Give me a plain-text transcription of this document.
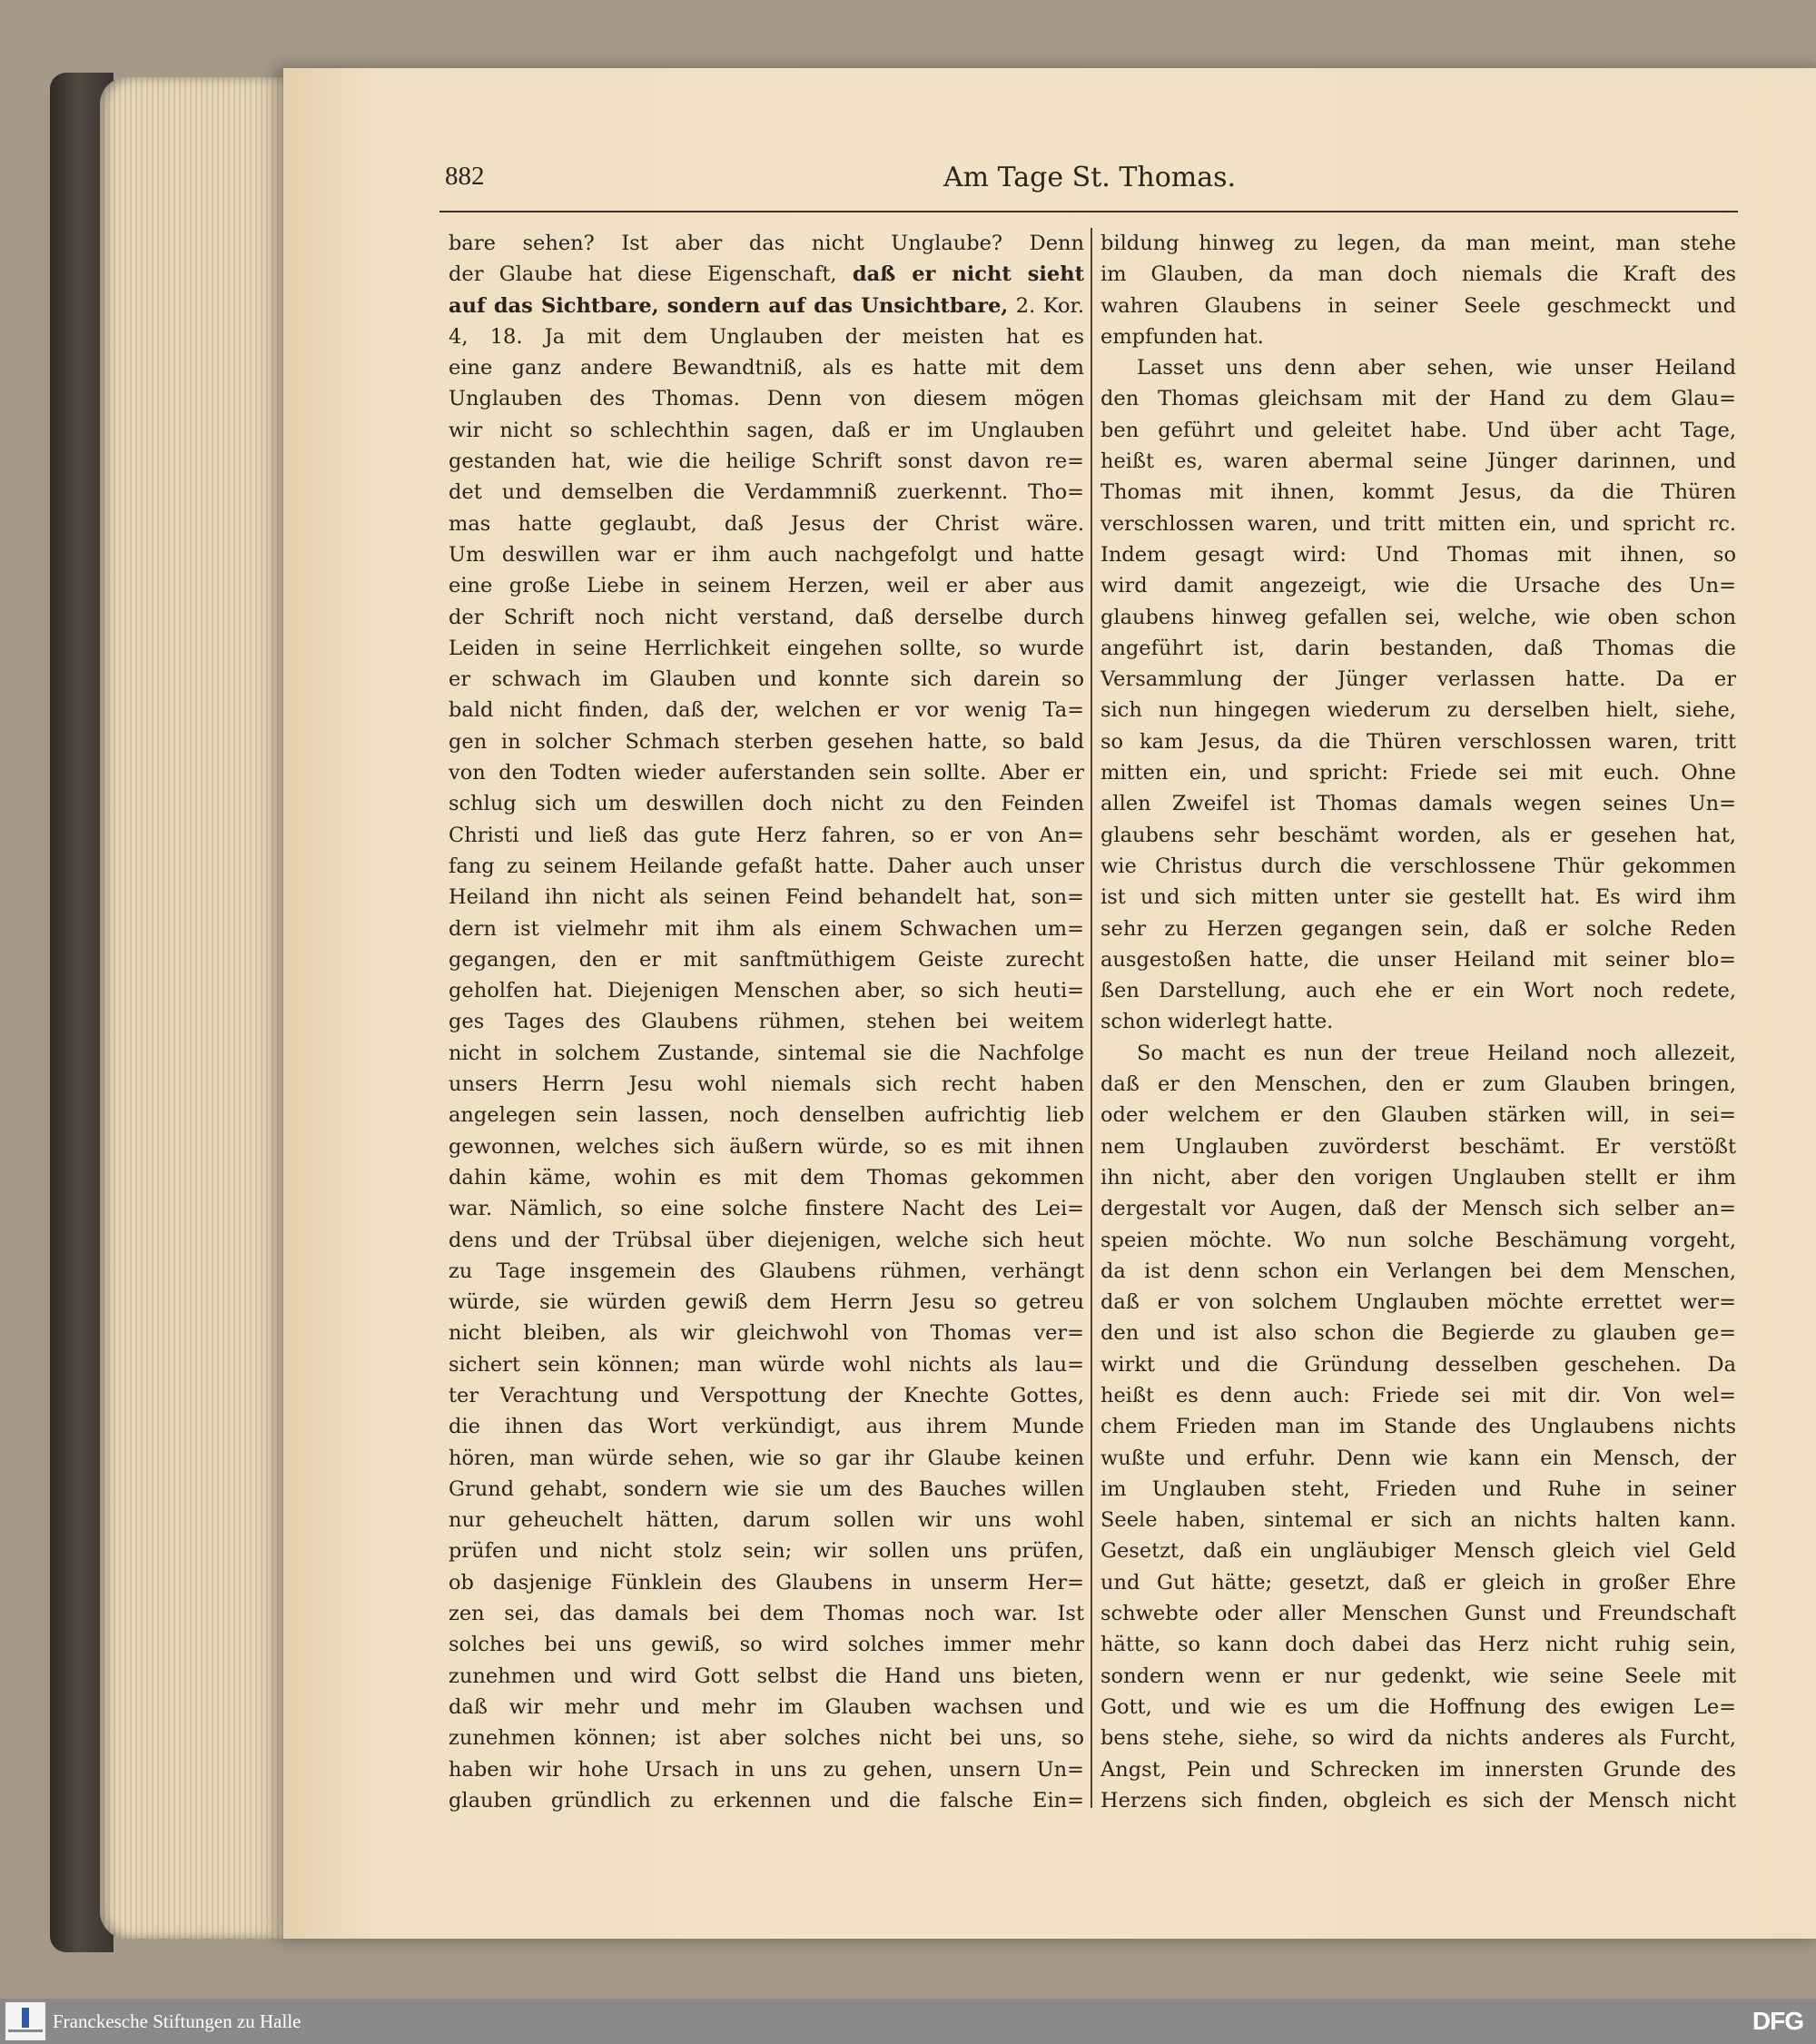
882	Am Tage St. Thomas.
bare sehen? Ist aber das nicht Unglaube? Denn
der Glaube hat diese Eigenschaft, daß er nicht sieht
auf das Sichtbare, sondern auf das Unsichtbare, 2. Kor.
4, 18. Ja mit dem Unglauben der meisten hat es
eine ganz andere Bewandtniß, als es hatte mit dem
Unglauben des Thomas. Denn von diesem mögen
wir nicht so schlechthin sagen, daß er im Unglauben
gestanden hat, wie die heilige Schrift sonst davon re=
det und demselben die Verdammniß zuerkennt. Tho=
mas hatte geglaubt, daß Jesus der Christ wäre.
Um deswillen war er ihm auch nachgefolgt und hatte
eine große Liebe in seinem Herzen, weil er aber aus
der Schrift noch nicht verstand, daß derselbe durch
Leiden in seine Herrlichkeit eingehen sollte, so wurde
er schwach im Glauben und konnte sich darein so
bald nicht finden, daß der, welchen er vor wenig Ta=
gen in solcher Schmach sterben gesehen hatte, so bald
von den Todten wieder auferstanden sein sollte. Aber er
schlug sich um deswillen doch nicht zu den Feinden
Christi und ließ das gute Herz fahren, so er von An=
fang zu seinem Heilande gefaßt hatte. Daher auch unser
Heiland ihn nicht als seinen Feind behandelt hat, son=
dern ist vielmehr mit ihm als einem Schwachen um=
gegangen, den er mit sanftmüthigem Geiste zurecht
geholfen hat. Diejenigen Menschen aber, so sich heuti=
ges Tages des Glaubens rühmen, stehen bei weitem
nicht in solchem Zustande, sintemal sie die Nachfolge
unsers Herrn Jesu wohl niemals sich recht haben
angelegen sein lassen, noch denselben aufrichtig lieb
gewonnen, welches sich äußern würde, so es mit ihnen
dahin käme, wohin es mit dem Thomas gekommen
war. Nämlich, so eine solche finstere Nacht des Lei=
dens und der Trübsal über diejenigen, welche sich heut
zu Tage insgemein des Glaubens rühmen, verhängt
würde, sie würden gewiß dem Herrn Jesu so getreu
nicht bleiben, als wir gleichwohl von Thomas ver=
sichert sein können; man würde wohl nichts als lau=
ter Verachtung und Verspottung der Knechte Gottes,
die ihnen das Wort verkündigt, aus ihrem Munde
hören, man würde sehen, wie so gar ihr Glaube keinen
Grund gehabt, sondern wie sie um des Bauches willen
nur geheuchelt hätten, darum sollen wir uns wohl
prüfen und nicht stolz sein; wir sollen uns prüfen,
ob dasjenige Fünklein des Glaubens in unserm Her=
zen sei, das damals bei dem Thomas noch war. Ist
solches bei uns gewiß, so wird solches immer mehr
zunehmen und wird Gott selbst die Hand uns bieten,
daß wir mehr und mehr im Glauben wachsen und
zunehmen können; ist aber solches nicht bei uns, so
haben wir hohe Ursach in uns zu gehen, unsern Un=
glauben gründlich zu erkennen und die falsche Ein=
bildung hinweg zu legen, da man meint, man stehe
im Glauben, da man doch niemals die Kraft des
wahren Glaubens in seiner Seele geschmeckt und
empfunden hat.
Lasset uns denn aber sehen, wie unser Heiland
den Thomas gleichsam mit der Hand zu dem Glau=
ben geführt und geleitet habe. Und über acht Tage,
heißt es, waren abermal seine Jünger darinnen, und
Thomas mit ihnen, kommt Jesus, da die Thüren
verschlossen waren, und tritt mitten ein, und spricht rc.
Indem gesagt wird: Und Thomas mit ihnen, so
wird damit angezeigt, wie die Ursache des Un=
glaubens hinweg gefallen sei, welche, wie oben schon
angeführt ist, darin bestanden, daß Thomas die
Versammlung der Jünger verlassen hatte. Da er
sich nun hingegen wiederum zu derselben hielt, siehe,
so kam Jesus, da die Thüren verschlossen waren, tritt
mitten ein, und spricht: Friede sei mit euch. Ohne
allen Zweifel ist Thomas damals wegen seines Un=
glaubens sehr beschämt worden, als er gesehen hat,
wie Christus durch die verschlossene Thür gekommen
ist und sich mitten unter sie gestellt hat. Es wird ihm
sehr zu Herzen gegangen sein, daß er solche Reden
ausgestoßen hatte, die unser Heiland mit seiner blo=
ßen Darstellung, auch ehe er ein Wort noch redete,
schon widerlegt hatte.
So macht es nun der treue Heiland noch allezeit,
daß er den Menschen, den er zum Glauben bringen,
oder welchem er den Glauben stärken will, in sei=
nem Unglauben zuvörderst beschämt. Er verstößt
ihn nicht, aber den vorigen Unglauben stellt er ihm
dergestalt vor Augen, daß der Mensch sich selber an=
speien möchte. Wo nun solche Beschämung vorgeht,
da ist denn schon ein Verlangen bei dem Menschen,
daß er von solchem Unglauben möchte errettet wer=
den und ist also schon die Begierde zu glauben ge=
wirkt und die Gründung desselben geschehen. Da
heißt es denn auch: Friede sei mit dir. Von wel=
chem Frieden man im Stande des Unglaubens nichts
wußte und erfuhr. Denn wie kann ein Mensch, der
im Unglauben steht, Frieden und Ruhe in seiner
Seele haben, sintemal er sich an nichts halten kann.
Gesetzt, daß ein ungläubiger Mensch gleich viel Geld
und Gut hätte; gesetzt, daß er gleich in großer Ehre
schwebte oder aller Menschen Gunst und Freundschaft
hätte, so kann doch dabei das Herz nicht ruhig sein,
sondern wenn er nur gedenkt, wie seine Seele mit
Gott, und wie es um die Hoffnung des ewigen Le=
bens stehe, siehe, so wird da nichts anderes als Furcht,
Angst, Pein und Schrecken im innersten Grunde des
Herzens sich finden, obgleich es sich der Mensch nicht
Franckesche Stiftungen zu Halle	DFG
